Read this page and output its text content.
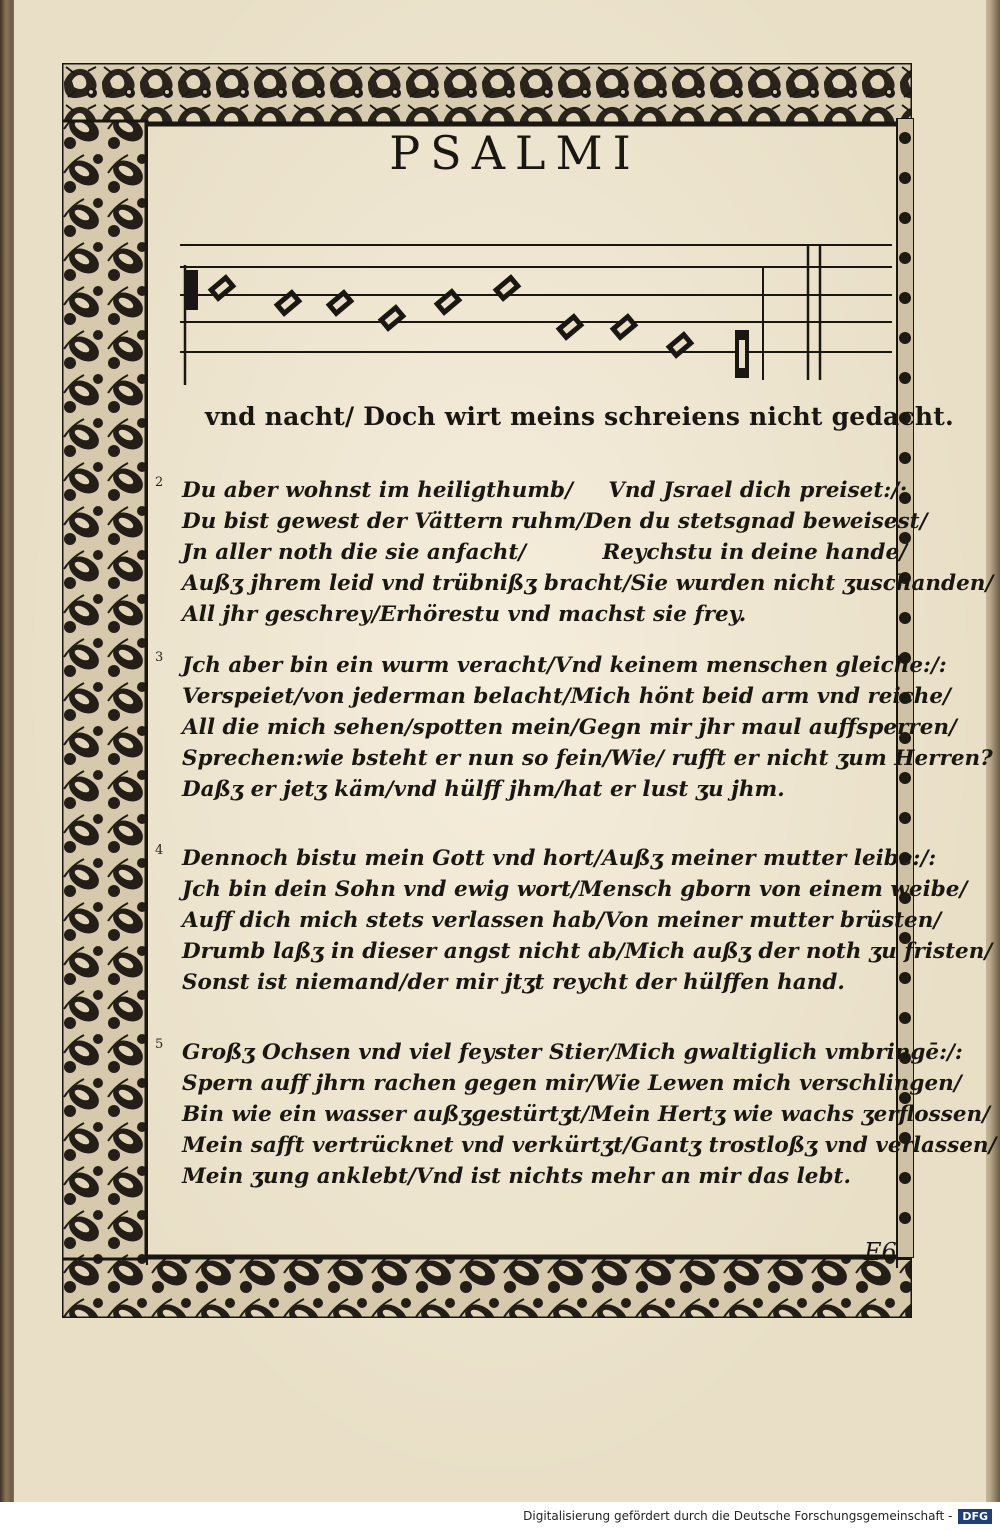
PSALMI
vnd nacht/ Doch wirt meins schreiens nicht gedacht.
2 Du aber wohnst im heiligthumb/ Vnd Jsrael dich preiset:/:
Du bist gewest der Vättern ruhm/ Den du stetsgnad beweisest/
Jn aller noth die sie anfacht/	Reychstu in deine hande/
Außʒ jhrem leid vnd trübnißʒ bracht/ Sie wurden nicht ʒuschanden/
All jhr geschrey/Erhörestu vnd machst sie frey.
3 Jch aber bin ein wurm veracht/ Vnd keinem menschen gleiche:/:
Verspeiet/von jederman belacht/ Mich hönt beid arm vnd reiche/
All die mich sehen/spotten mein/ Gegn mir jhr maul auffsperren/
Sprechen:wie bsteht er nun so fein/ Wie/ rufft er nicht ʒum Herren?
Daßʒ er jetʒ käm/vnd hülff jhm/hat er lust ʒu jhm.
4 Dennoch bistu mein Gott vnd hort/ Außʒ meiner mutter leibe:/:
Jch bin dein Sohn vnd ewig wort/ Mensch gborn von einem weibe/
Auff dich mich stets verlassen hab/ Von meiner mutter brüsten/
Drumb laßʒ in dieser angst nicht ab/ Mich außʒ der noth ʒu fristen/
Sonst ist niemand/der mir jtʒt reycht der hülffen hand.
5 Großʒ Ochsen vnd viel feyster Stier/ Mich gwaltiglich vmbringē:/:
Spern auff jhrn rachen gegen mir/ Wie Lewen mich verschlingen/
Bin wie ein wasser außʒgestürtʒt/ Mein Hertʒ wie wachs ʒerflossen/
Mein safft vertrücknet vnd verkürtʒt/ Gantʒ trostloßʒ vnd verlassen/
Mein ʒung anklebt/Vnd ist nichts mehr an mir das lebt.
E6
Digitalisierung gefördert durch die Deutsche Forschungsgemeinschaft - DFG
